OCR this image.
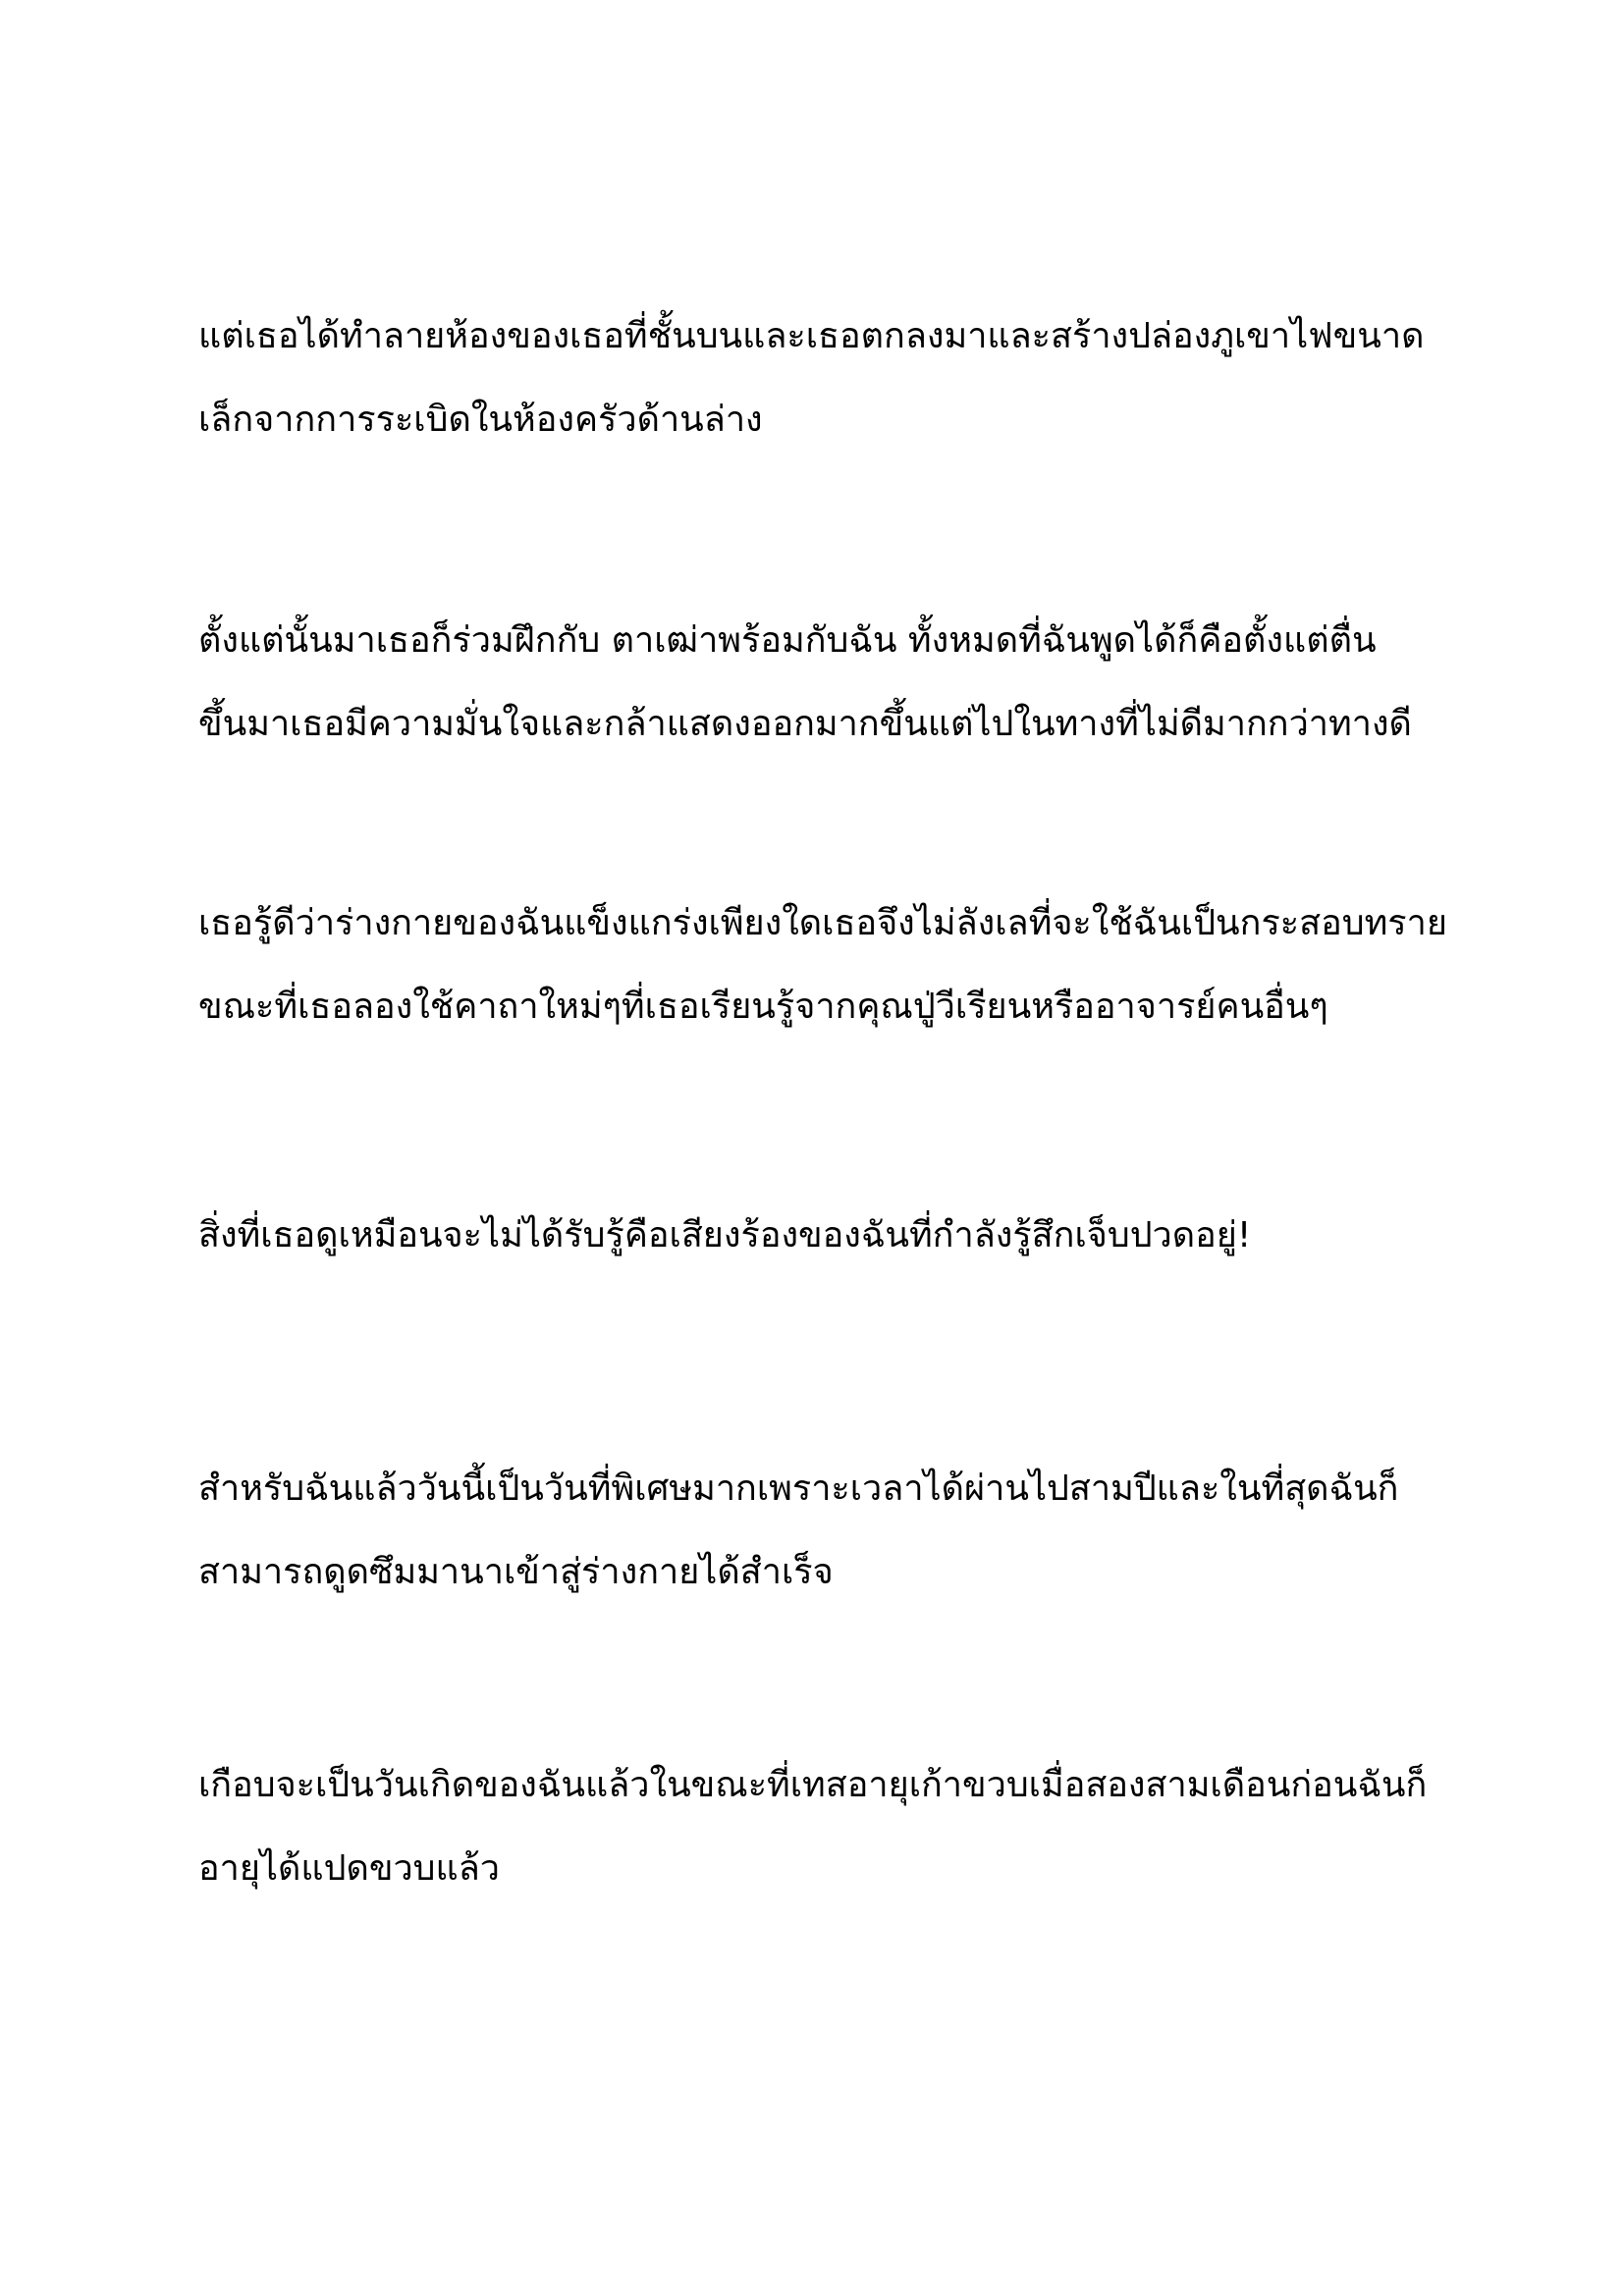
แต่เธอได้ทำลายห้องของเธอที่ชั้นบนและเธอตกลงมาและสร้างปล่องภูเขาไฟขนาด
เล็กจากการระเบิดในห้องครัวด้านล่าง

ตั้งแต่นั้นมาเธอก็ร่วมฝึกกับ ตาเฒ่าพร้อมกับฉัน ทั้งหมดที่ฉันพูดได้ก็คือตั้งแต่ตื่น
ขึ้นมาเธอมีความมั่นใจและกล้าแสดงออกมากขึ้นแต่ไปในทางที่ไม่ดีมากกว่าทางดี

เธอรู้ดีว่าร่างกายของฉันแข็งแกร่งเพียงใดเธอจึงไม่ลังเลที่จะใช้ฉันเป็นกระสอบทราย
ขณะที่เธอลองใช้คาถาใหม่ๆที่เธอเรียนรู้จากคุณปู่วีเรียนหรืออาจารย์คนอื่นๆ

สิ่งที่เธอดูเหมือนจะไม่ได้รับรู้คือเสียงร้องของฉันที่กำลังรู้สึกเจ็บปวดอยู่!

สำหรับฉันแล้ววันนี้เป็นวันที่พิเศษมากเพราะเวลาได้ผ่านไปสามปีและในที่สุดฉันก็
สามารถดูดซึมมานาเข้าสู่ร่างกายได้สำเร็จ

เกือบจะเป็นวันเกิดของฉันแล้วในขณะที่เทสอายุเก้าขวบเมื่อสองสามเดือนก่อนฉันก็
อายุได้แปดขวบแล้ว
